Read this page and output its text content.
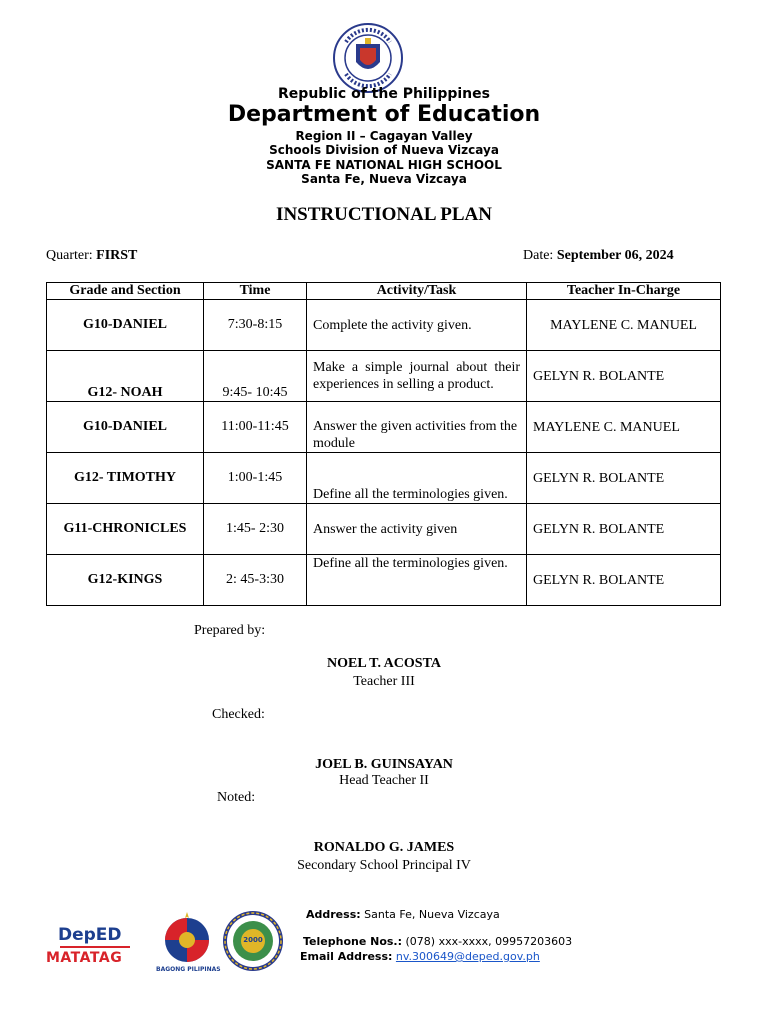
Republic of the Philippines
Department of Education
Region II – Cagayan Valley
Schools Division of Nueva Vizcaya
SANTA FE NATIONAL HIGH SCHOOL
Santa Fe, Nueva Vizcaya
INSTRUCTIONAL PLAN
Quarter: FIRST	Date: September 06, 2024
Grade and Section	Time	Activity/Task	Teacher In-Charge
G10-DANIEL	7:30-8:15	Complete the activity given.	MAYLENE C. MANUEL
G12- NOAH	9:45- 10:45	Make a simple journal about their experiences in selling a product.	GELYN R. BOLANTE
G10-DANIEL	11:00-11:45	Answer the given activities from the module	MAYLENE C. MANUEL
G12- TIMOTHY	1:00-1:45	Define all the terminologies given.	GELYN R. BOLANTE
G11-CHRONICLES	1:45- 2:30	Answer the activity given	GELYN R. BOLANTE
G12-KINGS	2: 45-3:30	Define all the terminologies given.	GELYN R. BOLANTE
Prepared by:
NOEL T. ACOSTA
Teacher III
Checked:
JOEL B. GUINSAYAN
Head Teacher II
Noted:
RONALDO G. JAMES
Secondary School Principal IV
DepED
MATATAG
BAGONG PILIPINAS
2000
Address: Santa Fe, Nueva Vizcaya
Telephone Nos.: (078) xxx-xxxx, 09957203603
Email Address: nv.300649@deped.gov.ph
